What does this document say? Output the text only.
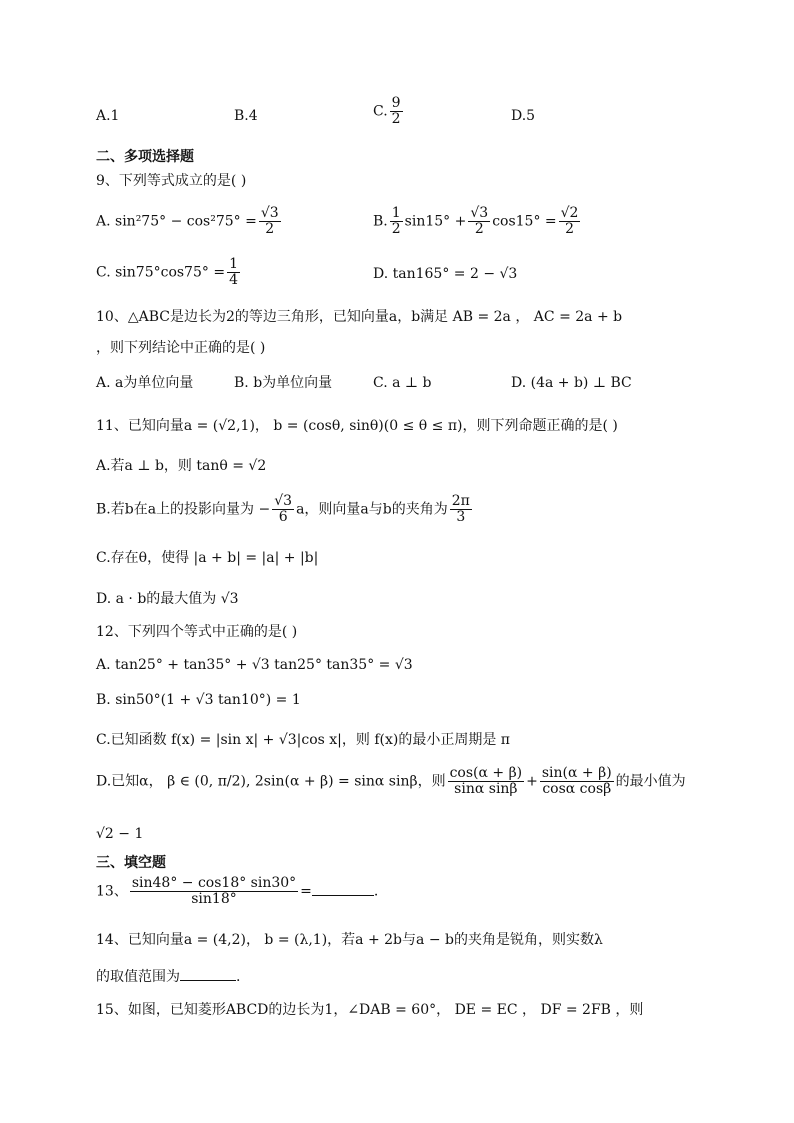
A.1	B.4	C. $\frac{9}{2}$	D.5
二、多项选择题
9、下列等式成立的是( )
A. $\sin^275^\circ - \cos^275^\circ = \frac{√3}{2}$	B. $\frac{1}{2} \sin 15^\circ + \frac{√3}{2} \cos 15^\circ = \frac{√2}{2}$
C. $\sin 75^\circ\cos 75^\circ = \frac{1}{4}$	D. tan165° = 2 − √3
10、△ABC是边长为2的等边三角形，已知向量a，b满足 AB = 2a ， AC = 2a + b
，则下列结论中正确的是( )
A. a为单位向量	B. b为单位向量	C. a ⊥ b	D. (4a + b) ⊥ BC
11、已知向量a = (√2,1)， b = (cosθ, sinθ)(0 ≤ θ ≤ π)，则下列命题正确的是( )
A.若a ⊥ b，则 tanθ = √2
B.若b在a上的投影向量为 − $\frac{√3}{6}$ a，则向量a与b的夹角为 $\frac{2\pi}{3}$
C.存在θ，使得 |a + b| = |a| + |b|
D. a · b的最大值为 √3
12、下列四个等式中正确的是( )
A. tan25° + tan35° + √3 tan25° tan35° = √3
B. sin50°(1 + √3 tan10°) = 1
C.已知函数 f(x) = |sin x| + √3|cos x|，则 f(x)的最小正周期是 π
D.已知α， β ∈ (0, π/2), 2sin(α + β) = sinα sinβ，则 $\frac{\cos(\alpha + \beta)}{\text{sinα sinβ}} + \frac{\sin(\alpha + \beta)}{\text{cosα cosβ}}$ 的最小值为
√2 − 1
三、填空题
13、 $\frac{\sin 48^\circ - \cos 18^\circ \sin 30^\circ}{\sin 18^\circ}$ =	.
14、已知向量a = (4,2)， b = (λ,1)，若a + 2b与a − b的夹角是锐角，则实数λ
的取值范围为	.
15、如图，已知菱形ABCD的边长为1，∠DAB = 60°， DE = EC ， DF = 2FB ，则
